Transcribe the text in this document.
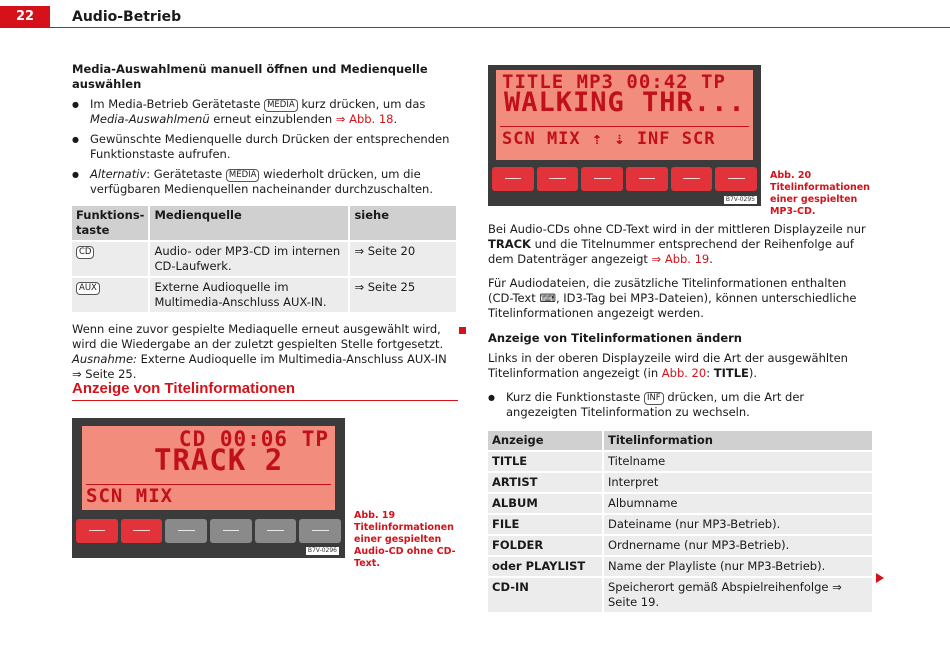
22	Audio-Betrieb

Media-Auswahlmenü manuell öffnen und Medienquelle auswählen

● Im Media-Betrieb Gerätetaste MEDIA kurz drücken, um das Media-Auswahlmenü erneut einzublenden ⇒ Abb. 18.

● Gewünschte Medienquelle durch Drücken der entsprechenden Funktionstaste aufrufen.

● Alternativ: Gerätetaste MEDIA wiederholt drücken, um die verfügbaren Medienquellen nacheinander durchzuschalten.

Funktions-taste	Medienquelle	siehe
CD	Audio- oder MP3-CD im internen CD-Laufwerk.	⇒ Seite 20
AUX	Externe Audioquelle im Multimedia-Anschluss AUX-IN.	⇒ Seite 25

Wenn eine zuvor gespielte Mediaquelle erneut ausgewählt wird, wird die Wiedergabe an der zuletzt gespielten Stelle fortgesetzt. Ausnahme: Externe Audioquelle im Multimedia-Anschluss AUX-IN ⇒ Seite 25.

Anzeige von Titelinformationen
CD 00:06 TP
TRACK 2
SCN MIX
B7V-0296
Abb. 19 Titelinformationen einer gespielten Audio-CD ohne CD-Text.
TITLE MP3 00:42 TP
WALKING THR...
SCN MIX ⇡ ⇣ INF SCR
B7V-0295
Abb. 20 Titelinformationen einer gespielten MP3-CD.

Bei Audio-CDs ohne CD-Text wird in der mittleren Displayzeile nur TRACK und die Titelnummer entsprechend der Reihenfolge auf dem Datenträger angezeigt ⇒ Abb. 19.

Für Audiodateien, die zusätzliche Titelinformationen enthalten (CD-Text ⌨, ID3-Tag bei MP3-Dateien), können unterschiedliche Titelinformationen angezeigt werden.

Anzeige von Titelinformationen ändern

Links in der oberen Displayzeile wird die Art der ausgewählten Titelinformation angezeigt (in Abb. 20: TITLE).

● Kurz die Funktionstaste INF drücken, um die Art der angezeigten Titelinformation zu wechseln.

Anzeige	Titelinformation
TITLE	Titelname
ARTIST	Interpret
ALBUM	Albumname
FILE	Dateiname (nur MP3-Betrieb).
FOLDER	Ordnername (nur MP3-Betrieb).
oder PLAYLIST	Name der Playliste (nur MP3-Betrieb).
CD-IN	Speicherort gemäß Abspielreihenfolge ⇒ Seite 19.
